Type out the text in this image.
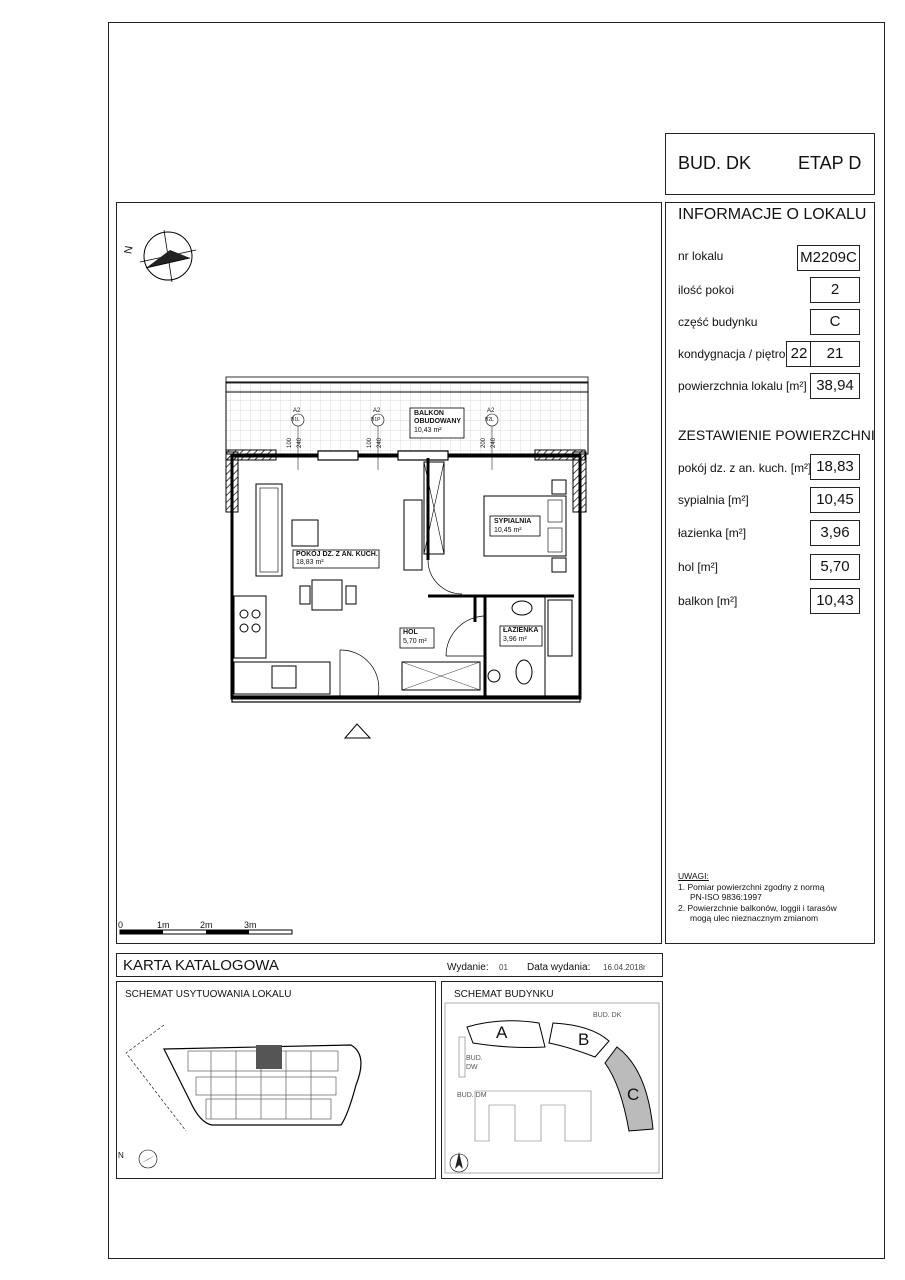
BUD. DK	ETAP D
INFORMACJE O LOKALU
nr lokalu	M2209C
ilość pokoi	2
część budynku	C
kondygnacja / piętro 22	21
powierzchnia lokalu [m²] 38,94
ZESTAWIENIE POWIERZCHNI
pokój dz. z an. kuch. [m²] 18,83
sypialnia [m²]	10,45
łazienka [m²]	3,96
hol [m²]	5,70
balkon [m²]	10,43
UWAGI:
1. Pomiar powierzchni zgodny z normą
PN-ISO 9836:1997
2. Powierzchnie balkonów, loggii i tarasów
mogą ulec nieznacznym zmianom
N
BALKON
OBUDOWANY
10,43 m²
POKÓJ DZ. Z AN. KUCH.
18,83 m²
SYPIALNIA
10,45 m²
HOL
5,70 m²
ŁAZIENKA
3,96 m²
A2	A2	A2
B1L	B1P	B2L
100 240	100 240	200 240
0	1m	2m	3m
KARTA KATALOGOWA	Wydanie: 01 Data wydania: 16.04.2018r
SCHEMAT USYTUOWANIA LOKALU
N
SCHEMAT BUDYNKU
A	B
C
BUD. DK
BUD.
DW
BUD. DM
